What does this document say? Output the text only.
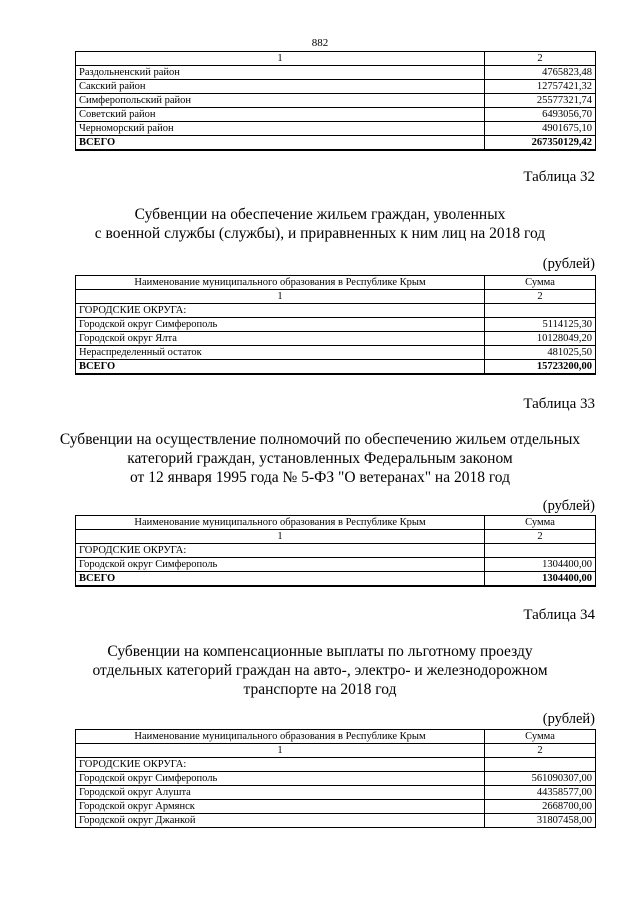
882
1	2
Раздольненский район	4765823,48
Сакский район	12757421,32
Симферопольский район	25577321,74
Советский район	6493056,70
Черноморский район	4901675,10
ВСЕГО	267350129,42
Таблица 32
Субвенции на обеспечение жильем граждан, уволенных
с военной службы (службы), и приравненных к ним лиц на 2018 год
(рублей)
Наименование муниципального образования в Республике Крым	Сумма
1	2
ГОРОДСКИЕ ОКРУГА:	
Городской округ Симферополь	5114125,30
Городской округ Ялта	10128049,20
Нераспределенный остаток	481025,50
ВСЕГО	15723200,00
Таблица 33
Субвенции на осуществление полномочий по обеспечению жильем отдельных
категорий граждан, установленных Федеральным законом
от 12 января 1995 года № 5-ФЗ "О ветеранах" на 2018 год
(рублей)
Наименование муниципального образования в Республике Крым	Сумма
1	2
ГОРОДСКИЕ ОКРУГА:	
Городской округ Симферополь	1304400,00
ВСЕГО	1304400,00
Таблица 34
Субвенции на компенсационные выплаты по льготному проезду
отдельных категорий граждан на авто-, электро- и железнодорожном
транспорте на 2018 год
(рублей)
Наименование муниципального образования в Республике Крым	Сумма
1	2
ГОРОДСКИЕ ОКРУГА:	
Городской округ Симферополь	561090307,00
Городской округ Алушта	44358577,00
Городской округ Армянск	2668700,00
Городской округ Джанкой	31807458,00
